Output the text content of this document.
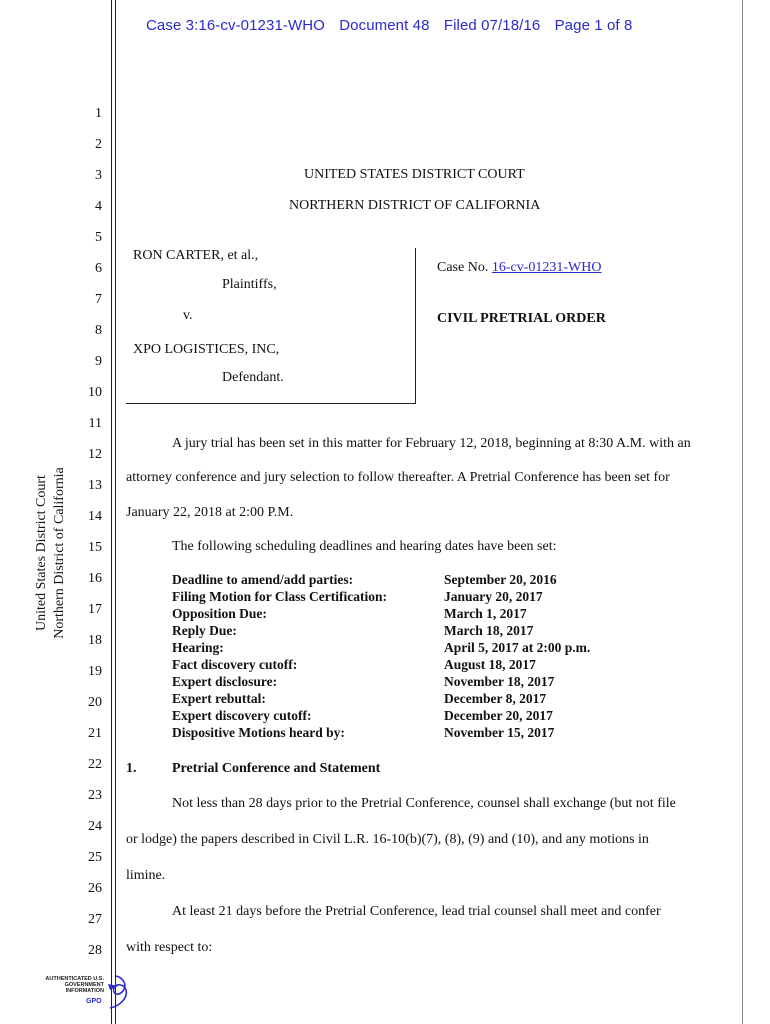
Case 3:16-cv-01231-WHO Document 48 Filed 07/18/16 Page 1 of 8
1
2
3
4
5
6
7
8
9
10
11
12
13
14
15
16
17
18
19
20
21
22
23
24
25
26
27
28
United States District Court Northern District of California
UNITED STATES DISTRICT COURT
NORTHERN DISTRICT OF CALIFORNIA
RON CARTER, et al.,
Plaintiffs,
v.
XPO LOGISTICES, INC,
Defendant.
Case No. 16-cv-01231-WHO
CIVIL PRETRIAL ORDER
A jury trial has been set in this matter for February 12, 2018, beginning at 8:30 A.M. with an
attorney conference and jury selection to follow thereafter. A Pretrial Conference has been set for
January 22, 2018 at 2:00 P.M.
The following scheduling deadlines and hearing dates have been set:
Deadline to amend/add parties:	September 20, 2016
Filing Motion for Class Certification:	January 20, 2017
Opposition Due:	March 1, 2017
Reply Due:	March 18, 2017
Hearing:	April 5, 2017 at 2:00 p.m.
Fact discovery cutoff:	August 18, 2017
Expert disclosure:	November 18, 2017
Expert rebuttal:	December 8, 2017
Expert discovery cutoff:	December 20, 2017
Dispositive Motions heard by:	November 15, 2017
1.	Pretrial Conference and Statement
Not less than 28 days prior to the Pretrial Conference, counsel shall exchange (but not file
or lodge) the papers described in Civil L.R. 16-10(b)(7), (8), (9) and (10), and any motions in
limine.
At least 21 days before the Pretrial Conference, lead trial counsel shall meet and confer
with respect to:
AUTHENTICATED U.S. GOVERNMENT INFORMATION
GPO
